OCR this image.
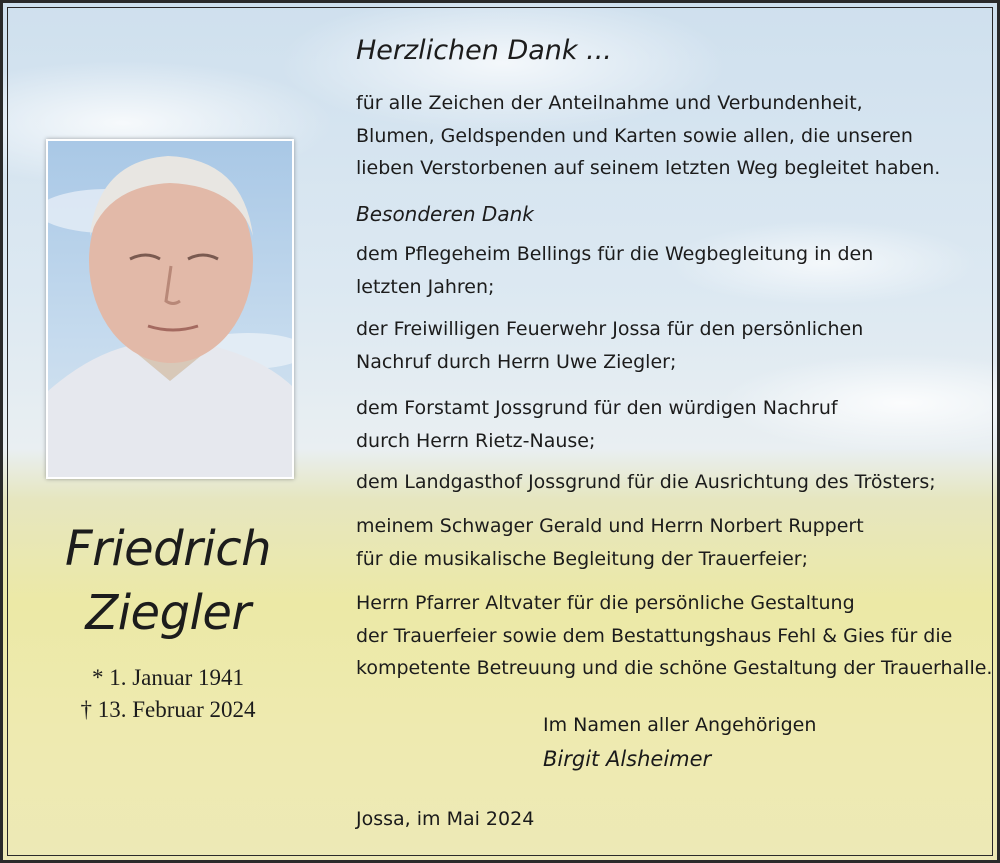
Friedrich
Ziegler
* 1. Januar 1941
† 13. Februar 2024
Herzlichen Dank ...
für alle Zeichen der Anteilnahme und Verbundenheit,
Blumen, Geldspenden und Karten sowie allen, die unseren
lieben Verstorbenen auf seinem letzten Weg begleitet haben.
Besonderen Dank
dem Pflegeheim Bellings für die Wegbegleitung in den
letzten Jahren;
der Freiwilligen Feuerwehr Jossa für den persönlichen
Nachruf durch Herrn Uwe Ziegler;
dem Forstamt Jossgrund für den würdigen Nachruf
durch Herrn Rietz-Nause;
dem Landgasthof Jossgrund für die Ausrichtung des Trösters;
meinem Schwager Gerald und Herrn Norbert Ruppert
für die musikalische Begleitung der Trauerfeier;
Herrn Pfarrer Altvater für die persönliche Gestaltung
der Trauerfeier sowie dem Bestattungshaus Fehl & Gies für die
kompetente Betreuung und die schöne Gestaltung der Trauerhalle.
Im Namen aller Angehörigen
Birgit Alsheimer
Jossa, im Mai 2024
